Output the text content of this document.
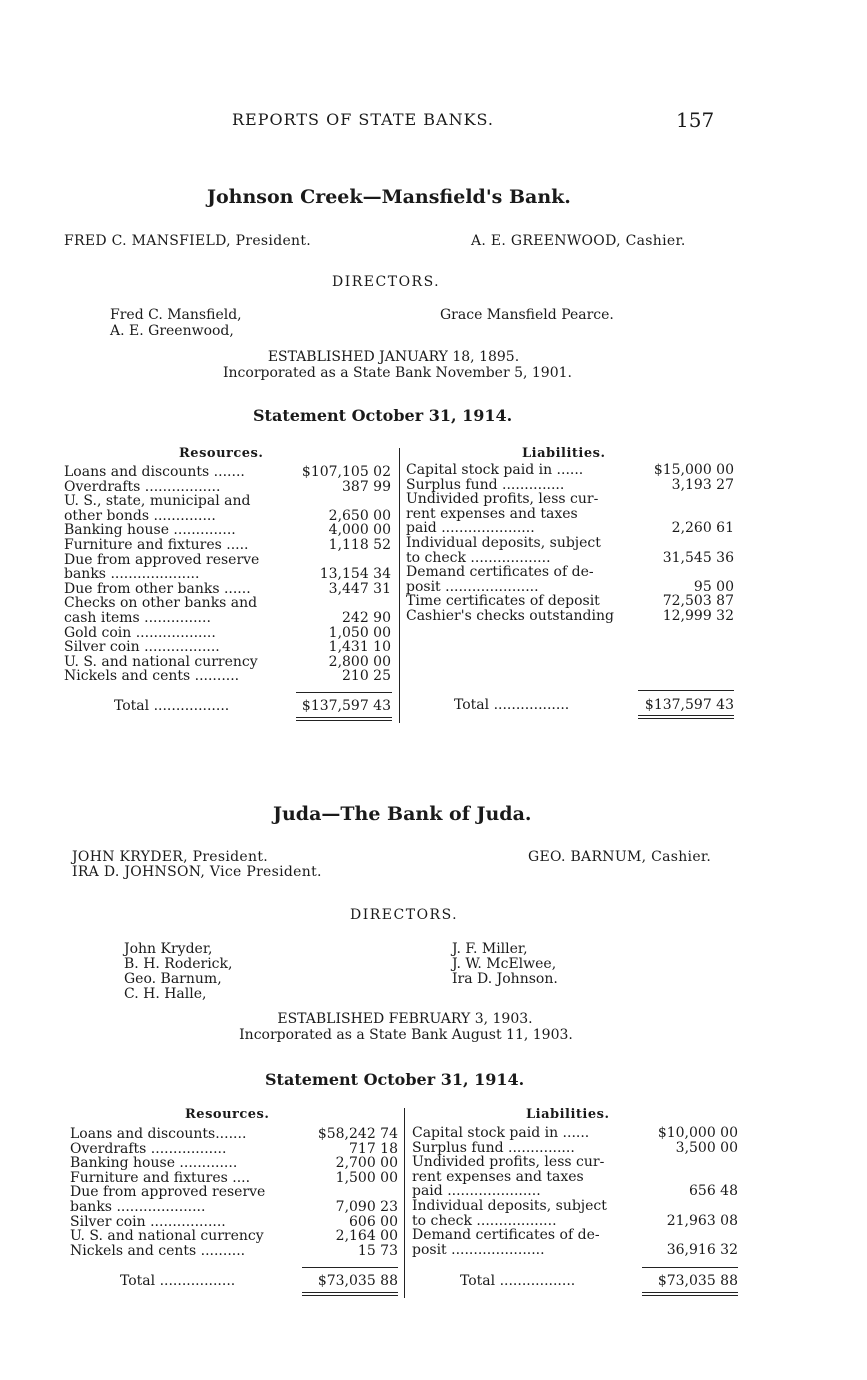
REPORTS OF STATE BANKS.	157
Johnson Creek—Mansfield's Bank.
FRED C. MANSFIELD, President.	A. E. GREENWOOD, Cashier.
DIRECTORS.
Fred C. Mansfield,
A. E. Greenwood,
Grace Mansfield Pearce.
ESTABLISHED JANUARY 18, 1895.
Incorporated as a State Bank November 5, 1901.
Statement October 31, 1914.
Resources.	Liabilities.
Loans and discounts .......	$107,105 02
Overdrafts .................	387 99
U. S., state, municipal and
other bonds ..............	2,650 00
Banking house ..............	4,000 00
Furniture and fixtures .....	1,118 52
Due from approved reserve
banks ....................	13,154 34
Due from other banks ......	3,447 31
Checks on other banks and
cash items ...............	242 90
Gold coin ..................	1,050 00
Silver coin .................	1,431 10
U. S. and national currency	2,800 00
Nickels and cents ..........	210 25
Capital stock paid in ......	$15,000 00
Surplus fund ..............	3,193 27
Undivided profits, less cur-
rent expenses and taxes
paid .....................	2,260 61
Individual deposits, subject
to check ..................	31,545 36
Demand certificates of de-
posit .....................	95 00
Time certificates of deposit	72,503 87
Cashier's checks outstanding	12,999 32
Total .................	$137,597 43	Total .................	$137,597 43
Juda—The Bank of Juda.
JOHN KRYDER, President.
IRA D. JOHNSON, Vice President.
GEO. BARNUM, Cashier.
DIRECTORS.
John Kryder,
B. H. Roderick,
Geo. Barnum,
C. H. Halle,
J. F. Miller,
J. W. McElwee,
Ira D. Johnson.
ESTABLISHED FEBRUARY 3, 1903.
Incorporated as a State Bank August 11, 1903.
Statement October 31, 1914.
Resources.	Liabilities.
Loans and discounts.......	$58,242 74
Overdrafts .................	717 18
Banking house .............	2,700 00
Furniture and fixtures ....	1,500 00
Due from approved reserve
banks ....................	7,090 23
Silver coin .................	606 00
U. S. and national currency	2,164 00
Nickels and cents ..........	15 73
Capital stock paid in ......	$10,000 00
Surplus fund ...............	3,500 00
Undivided profits, less cur-
rent expenses and taxes
paid .....................	656 48
Individual deposits, subject
to check ..................	21,963 08
Demand certificates of de-
posit .....................	36,916 32
Total .................	$73,035 88	Total .................	$73,035 88
